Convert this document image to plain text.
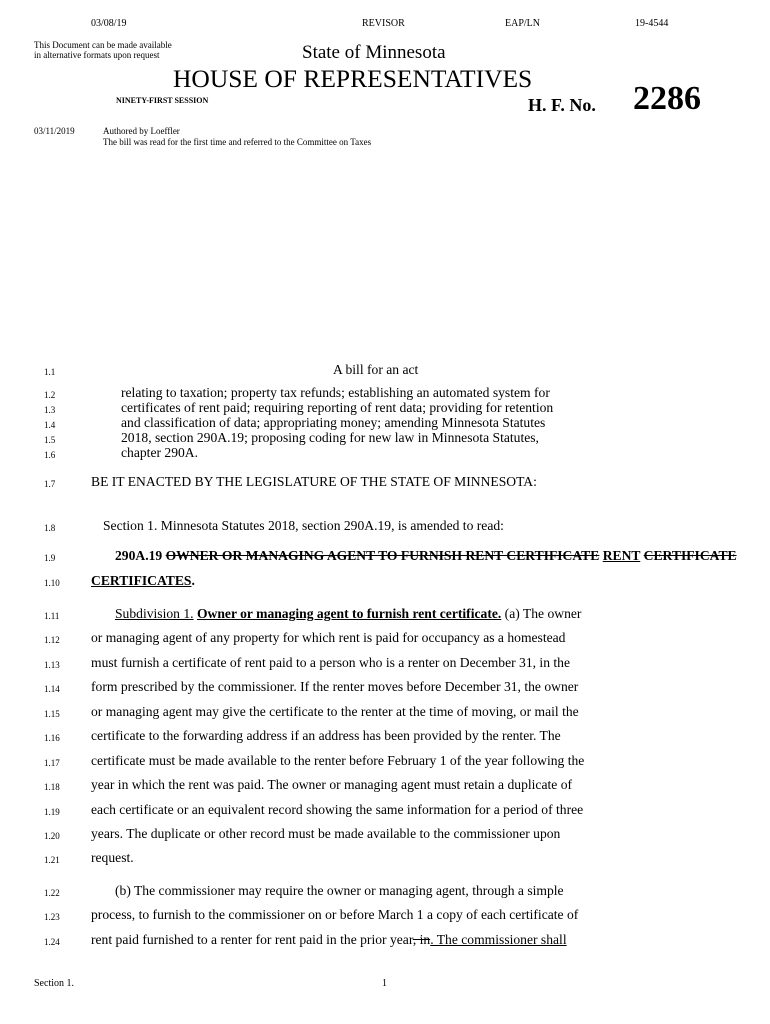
03/08/19	REVISOR	EAP/LN	19-4544
This Document can be made available
in alternative formats upon request	State of Minnesota
HOUSE OF REPRESENTATIVES
NINETY-FIRST SESSION	H. F. No. 2286
03/11/2019	Authored by Loeffler
The bill was read for the first time and referred to the Committee on Taxes
1.1	A bill for an act
1.2	relating to taxation; property tax refunds; establishing an automated system for
1.3	certificates of rent paid; requiring reporting of rent data; providing for retention
1.4	and classification of data; appropriating money; amending Minnesota Statutes
1.5	2018, section 290A.19; proposing coding for new law in Minnesota Statutes,
1.6	chapter 290A.
1.7	BE IT ENACTED BY THE LEGISLATURE OF THE STATE OF MINNESOTA:
1.8	Section 1. Minnesota Statutes 2018, section 290A.19, is amended to read:
1.9	290A.19 OWNER OR MANAGING AGENT TO FURNISH RENT CERTIFICATE RENT CERTIFICATE
1.10 CERTIFICATES.
1.11	Subdivision 1. Owner or managing agent to furnish rent certificate. (a) The owner
1.12 or managing agent of any property for which rent is paid for occupancy as a homestead
1.13 must furnish a certificate of rent paid to a person who is a renter on December 31, in the
1.14 form prescribed by the commissioner. If the renter moves before December 31, the owner
1.15 or managing agent may give the certificate to the renter at the time of moving, or mail the
1.16 certificate to the forwarding address if an address has been provided by the renter. The
1.17 certificate must be made available to the renter before February 1 of the year following the
1.18 year in which the rent was paid. The owner or managing agent must retain a duplicate of
1.19 each certificate or an equivalent record showing the same information for a period of three
1.20 years. The duplicate or other record must be made available to the commissioner upon
1.21 request.
1.22	(b) The commissioner may require the owner or managing agent, through a simple
1.23 process, to furnish to the commissioner on or before March 1 a copy of each certificate of
1.24 rent paid furnished to a renter for rent paid in the prior year, in. The commissioner shall
Section 1.	1
